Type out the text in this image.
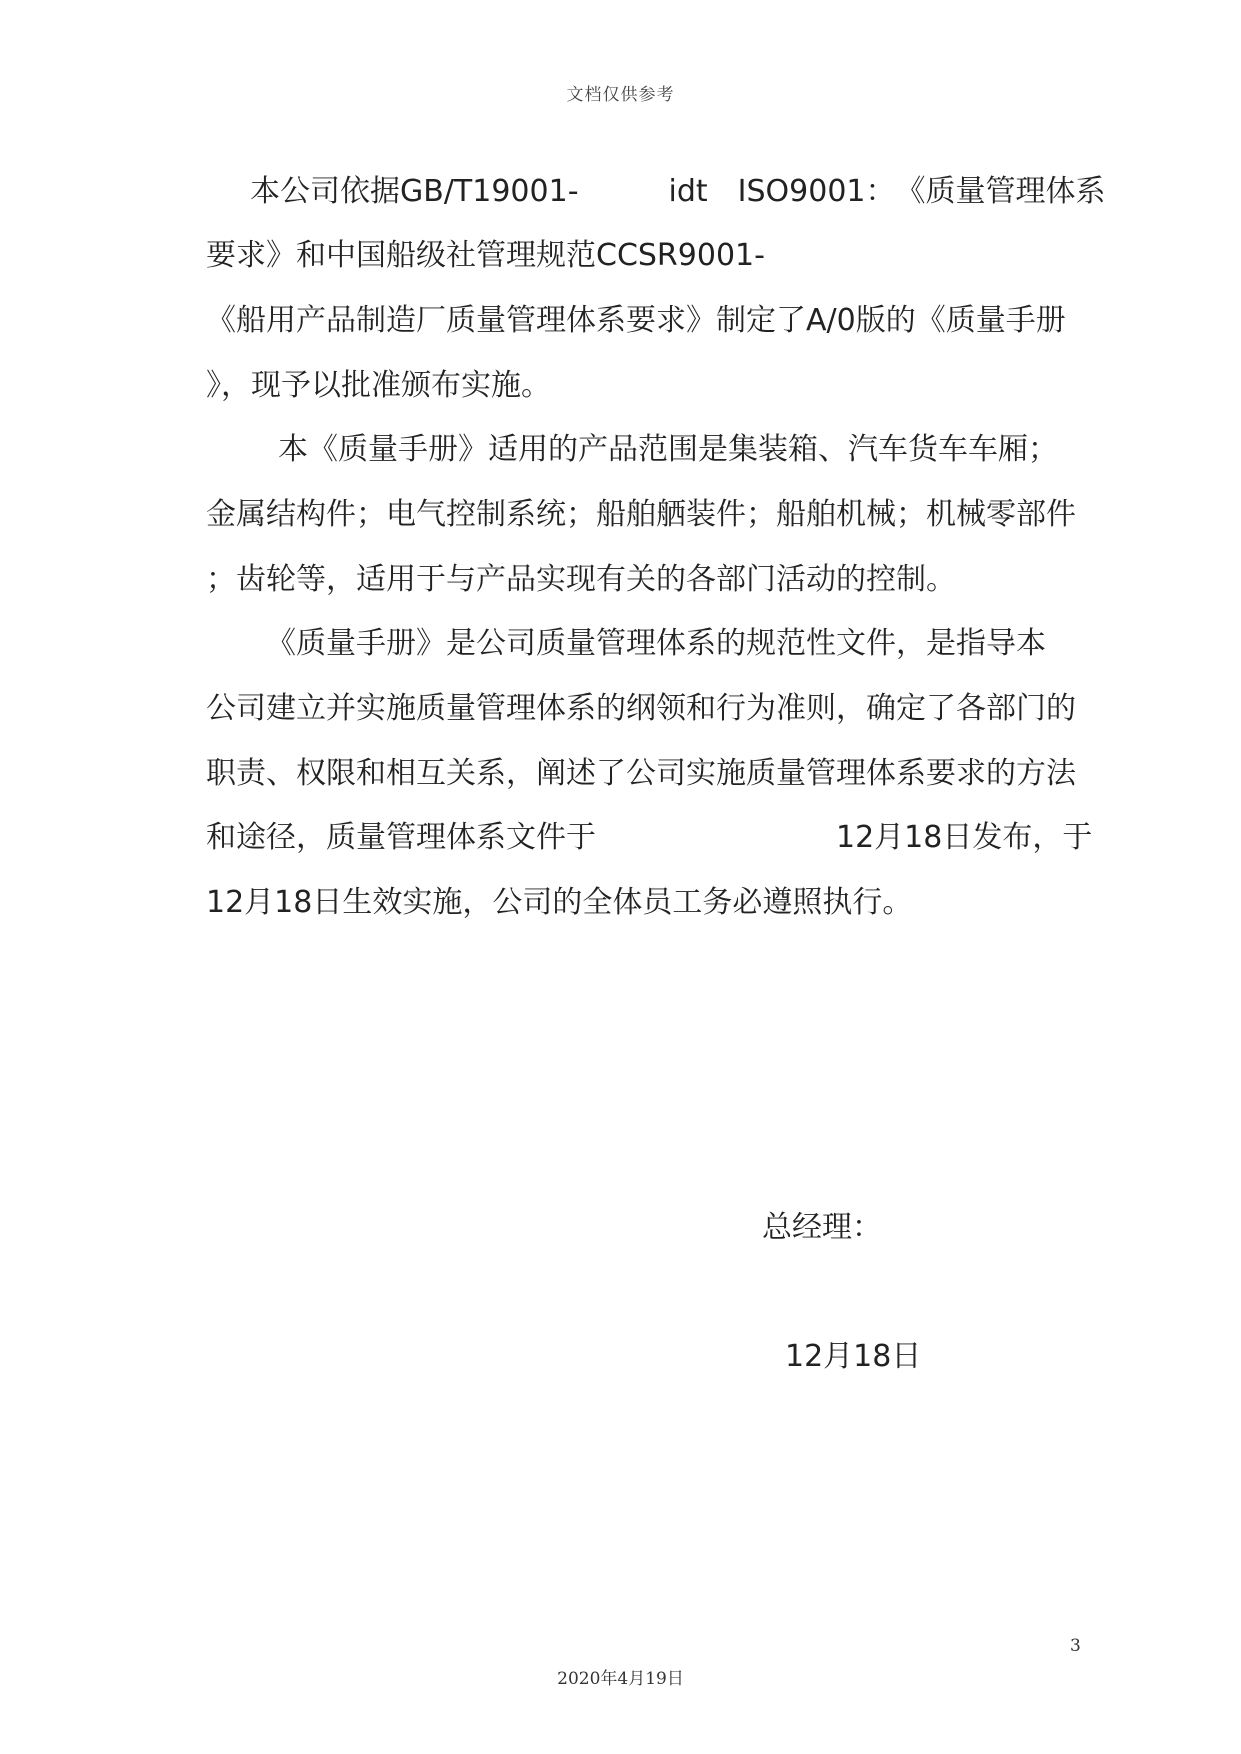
文档仅供参考
本公司依据GB/T19001-　　　idt　ISO9001：　《质量管理体系
要求》和中国船级社管理规范CCSR9001-
《船用产品制造厂质量管理体系要求》制定了A/0版的《质量手册
》，现予以批准颁布实施。
本《质量手册》适用的产品范围是集装箱、汽车货车车厢；
金属结构件；电气控制系统；船舶舾装件；船舶机械；机械零部件
；齿轮等，适用于与产品实现有关的各部门活动的控制。
《质量手册》是公司质量管理体系的规范性文件，是指导本
公司建立并实施质量管理体系的纲领和行为准则，确定了各部门的
职责、权限和相互关系，阐述了公司实施质量管理体系要求的方法
和途径，质量管理体系文件于　　　　　　　　12月18日发布，于
12月18日生效实施，公司的全体员工务必遵照执行。
总经理：
12月18日
3
2020年4月19日
